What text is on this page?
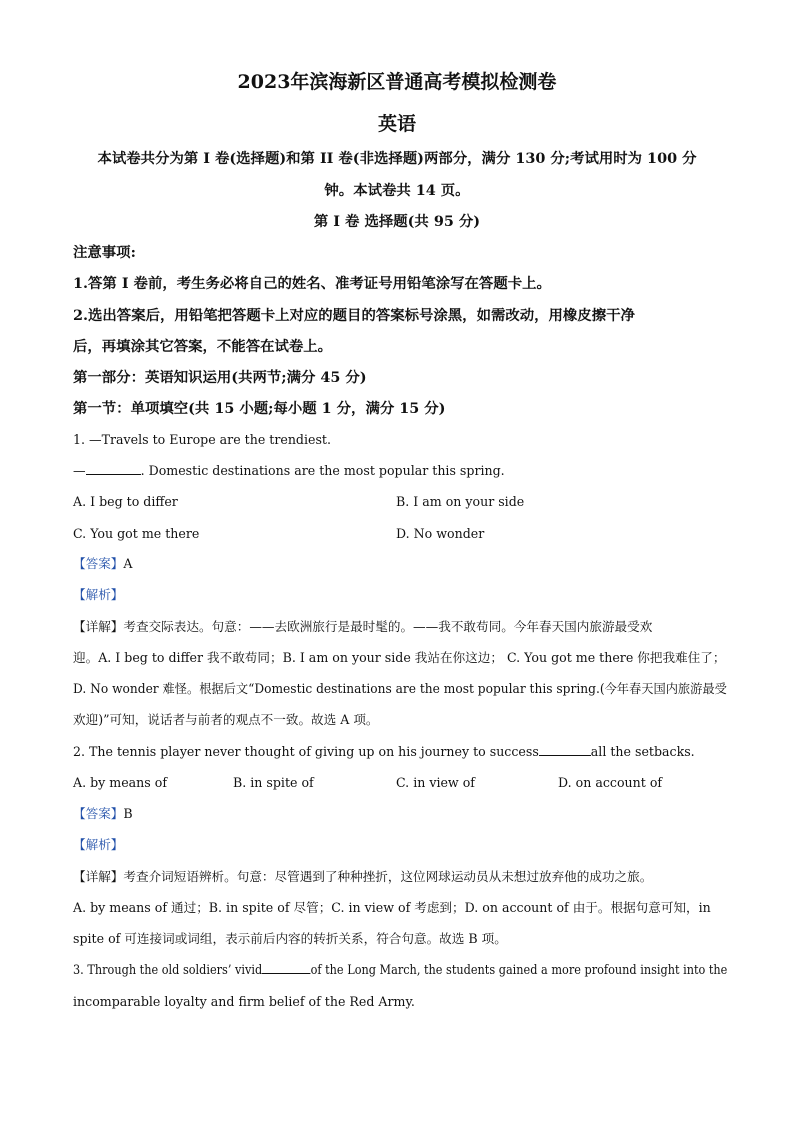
2023年滨海新区普通高考模拟检测卷
英语
本试卷共分为第 I 卷(选择题)和第 II 卷(非选择题)两部分，满分 130 分;考试用时为 100 分
钟。本试卷共 14 页。
第 I 卷 选择题(共 95 分)
注意事项:
1.答第 I 卷前，考生务必将自己的姓名、准考证号用铅笔涂写在答题卡上。
2.选出答案后，用铅笔把答题卡上对应的题目的答案标号涂黑，如需改动，用橡皮擦干净
后，再填涂其它答案，不能答在试卷上。
第一部分：英语知识运用(共两节;满分 45 分)
第一节：单项填空(共 15 小题;每小题 1 分，满分 15 分)
1. —Travels to Europe are the trendiest.
—	. Domestic destinations are the most popular this spring.
A. I beg to differ	B. I am on your side
C. You got me there	D. No wonder
【答案】A
【解析】
【详解】考查交际表达。句意：——去欧洲旅行是最时髦的。——我不敢苟同。今年春天国内旅游最受欢
迎。A. I beg to differ 我不敢苟同；B. I am on your side 我站在你这边； C. You got me there 你把我难住了；
D. No wonder 难怪。根据后文“Domestic destinations are the most popular this spring.(今年春天国内旅游最受
欢迎)”可知，说话者与前者的观点不一致。故选 A 项。
2. The tennis player never thought of giving up on his journey to success	all the setbacks.
A. by means of	B. in spite of	C. in view of	D. on account of
【答案】B
【解析】
【详解】考查介词短语辨析。句意：尽管遇到了种种挫折，这位网球运动员从未想过放弃他的成功之旅。
A. by means of 通过；B. in spite of 尽管；C. in view of 考虑到；D. on account of 由于。根据句意可知，in
spite of 可连接词或词组，表示前后内容的转折关系，符合句意。故选 B 项。
3. Through the old soldiers’ vivid	of the Long March, the students gained a more profound insight into the
incomparable loyalty and firm belief of the Red Army.
